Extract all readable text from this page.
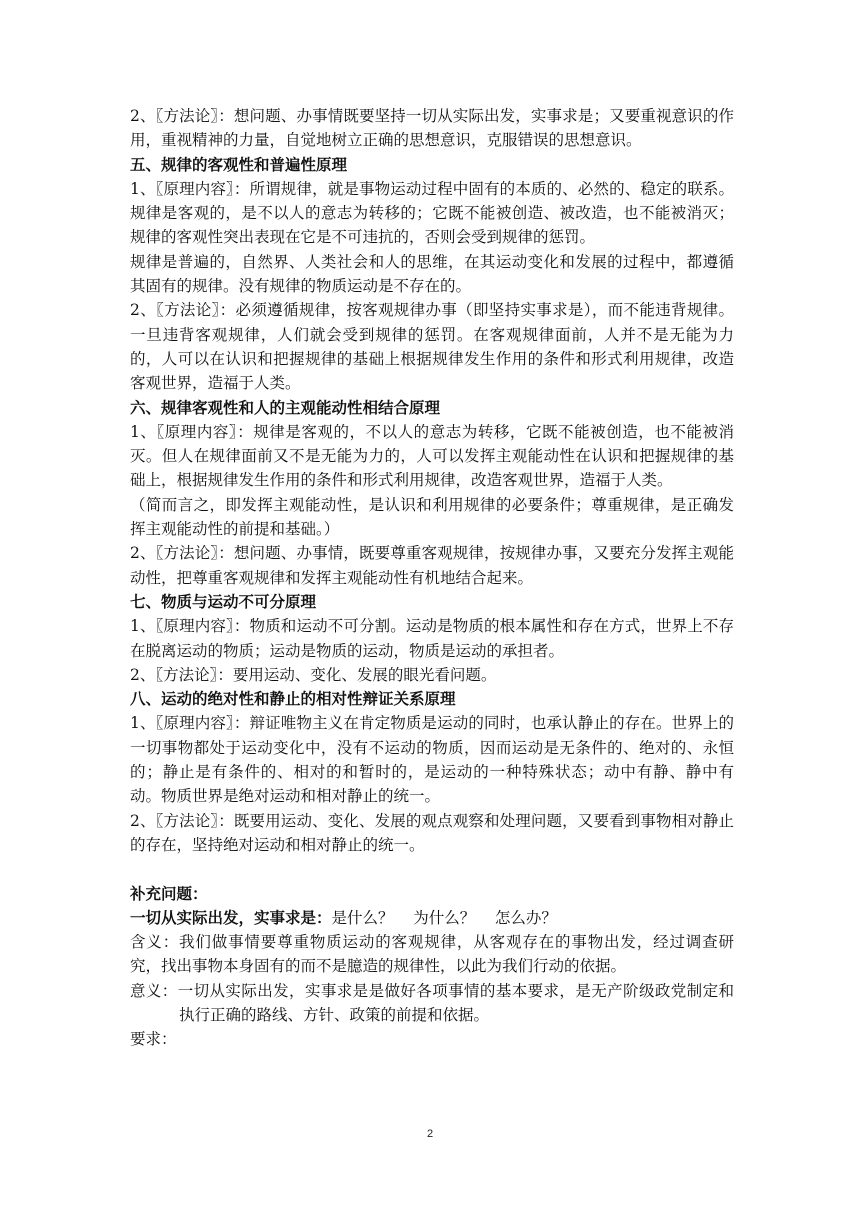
2、〖方法论〗：想问题、办事情既要坚持一切从实际出发，实事求是；又要重视意识的作用，重视精神的力量，自觉地树立正确的思想意识，克服错误的思想意识。

五、规律的客观性和普遍性原理

1、〖原理内容〗：所谓规律，就是事物运动过程中固有的本质的、必然的、稳定的联系。规律是客观的，是不以人的意志为转移的；它既不能被创造、被改造，也不能被消灭；规律的客观性突出表现在它是不可违抗的，否则会受到规律的惩罚。

规律是普遍的，自然界、人类社会和人的思维，在其运动变化和发展的过程中，都遵循其固有的规律。没有规律的物质运动是不存在的。

2、〖方法论〗：必须遵循规律，按客观规律办事（即坚持实事求是），而不能违背规律。一旦违背客观规律，人们就会受到规律的惩罚。在客观规律面前，人并不是无能为力的，人可以在认识和把握规律的基础上根据规律发生作用的条件和形式利用规律，改造客观世界，造福于人类。

六、规律客观性和人的主观能动性相结合原理

1、〖原理内容〗：规律是客观的，不以人的意志为转移，它既不能被创造，也不能被消灭。但人在规律面前又不是无能为力的，人可以发挥主观能动性在认识和把握规律的基础上，根据规律发生作用的条件和形式利用规律，改造客观世界，造福于人类。

（简而言之，即发挥主观能动性，是认识和利用规律的必要条件；尊重规律，是正确发挥主观能动性的前提和基础。）

2、〖方法论〗：想问题、办事情，既要尊重客观规律，按规律办事，又要充分发挥主观能动性，把尊重客观规律和发挥主观能动性有机地结合起来。

七、物质与运动不可分原理

1、〖原理内容〗：物质和运动不可分割。运动是物质的根本属性和存在方式，世界上不存在脱离运动的物质；运动是物质的运动，物质是运动的承担者。

2、〖方法论〗：要用运动、变化、发展的眼光看问题。

八、运动的绝对性和静止的相对性辩证关系原理

1、〖原理内容〗：辩证唯物主义在肯定物质是运动的同时，也承认静止的存在。世界上的一切事物都处于运动变化中，没有不运动的物质，因而运动是无条件的、绝对的、永恒的；静止是有条件的、相对的和暂时的，是运动的一种特殊状态；动中有静、静中有动。物质世界是绝对运动和相对静止的统一。

2、〖方法论〗：既要用运动、变化、发展的观点观察和处理问题，又要看到事物相对静止的存在，坚持绝对运动和相对静止的统一。

补充问题：

一切从实际出发，实事求是：是什么？    为什么？    怎么办？

含义：我们做事情要尊重物质运动的客观规律，从客观存在的事物出发，经过调查研究，找出事物本身固有的而不是臆造的规律性，以此为我们行动的依据。

意义：一切从实际出发，实事求是是做好各项事情的基本要求，是无产阶级政党制定和执行正确的路线、方针、政策的前提和依据。

要求：

2
